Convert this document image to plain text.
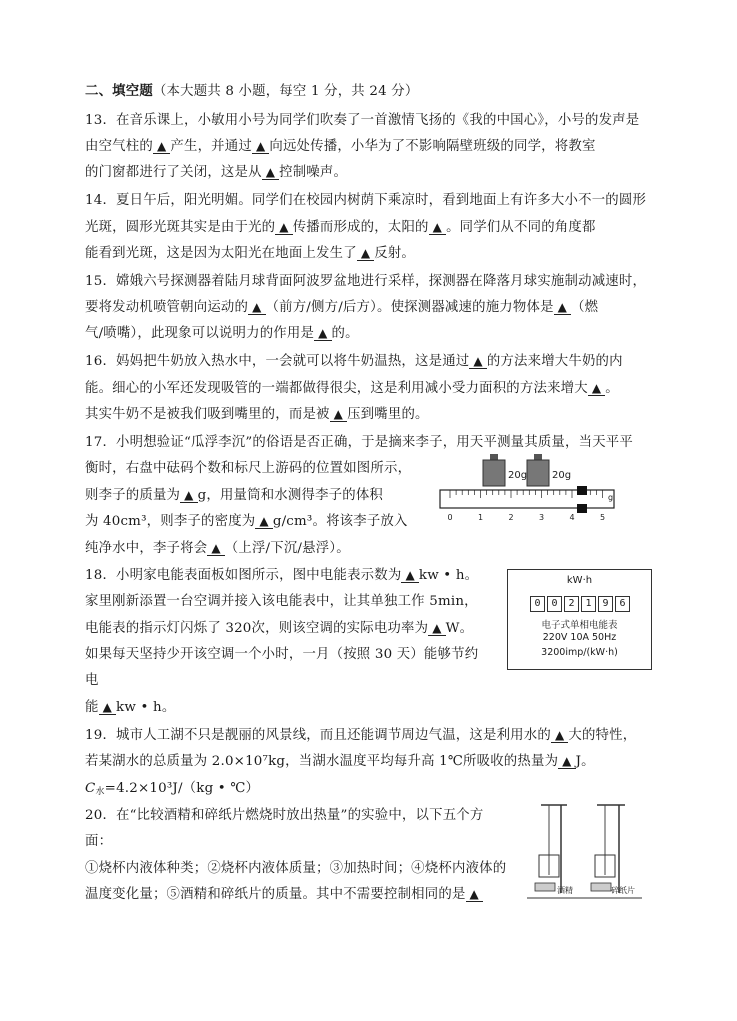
二、填空题（本大题共 8 小题，每空 1 分，共 24 分）
13．在音乐课上，小敏用小号为同学们吹奏了一首激情飞扬的《我的中国心》，小号的发声是
由空气柱的 ▲ 产生，并通过 ▲ 向远处传播，小华为了不影响隔壁班级的同学，将教室
的门窗都进行了关闭，这是从 ▲ 控制噪声。
14．夏日午后，阳光明媚。同学们在校园内树荫下乘凉时，看到地面上有许多大小不一的圆形
光斑，圆形光斑其实是由于光的 ▲ 传播而形成的，太阳的 ▲ 。同学们从不同的角度都
能看到光斑，这是因为太阳光在地面上发生了 ▲ 反射。
15．嫦娥六号探测器着陆月球背面阿波罗盆地进行采样，探测器在降落月球实施制动减速时，
要将发动机喷管朝向运动的 ▲ （前方/侧方/后方）。使探测器减速的施力物体是 ▲ （燃
气/喷嘴），此现象可以说明力的作用是 ▲ 的。
16．妈妈把牛奶放入热水中，一会就可以将牛奶温热，这是通过 ▲ 的方法来增大牛奶的内
能。细心的小军还发现吸管的一端都做得很尖，这是利用减小受力面积的方法来增大 ▲ 。
其实牛奶不是被我们吸到嘴里的，而是被 ▲ 压到嘴里的。
17．小明想验证“瓜浮李沉”的俗语是否正确，于是摘来李子，用天平测量其质量，当天平平
衡时，右盘中砝码个数和标尺上游码的位置如图所示，
则李子的质量为 ▲ g，用量筒和水测得李子的体积
为 40cm³，则李子的密度为 ▲ g/cm³。将该李子放入
纯净水中，李子将会 ▲ （上浮/下沉/悬浮）。
20g 20g
g
0	1	2	3	4	5
18．小明家电能表面板如图所示，图中电能表示数为 ▲ kw • h。
家里刚新添置一台空调并接入该电能表中，让其单独工作 5min，
电能表的指示灯闪烁了 320次，则该空调的实际电功率为 ▲ W。
如果每天坚持少开该空调一个小时，一月（按照 30 天）能够节约
电
能 ▲ kw • h。
kW·h
0	0	2	1	9	6
电子式单相电能表
220V 10A 50Hz
3200imp/(kW·h)
19．城市人工湖不只是靓丽的风景线，而且还能调节周边气温，这是利用水的 ▲ 大的特性，
若某湖水的总质量为 2.0×10⁷kg，当湖水温度平均每升高 1℃所吸收的热量为 ▲ J。
$C_水=4.2\times 10^3J/(kg$ • ℃）
20．在“比较酒精和碎纸片燃烧时放出热量”的实验中，以下五个方
面：
①烧杯内液体种类；②烧杯内液体质量；③加热时间；④烧杯内液体的
温度变化量；⑤酒精和碎纸片的质量。其中不需要控制相同的是 ▲	酒精	碎纸片
